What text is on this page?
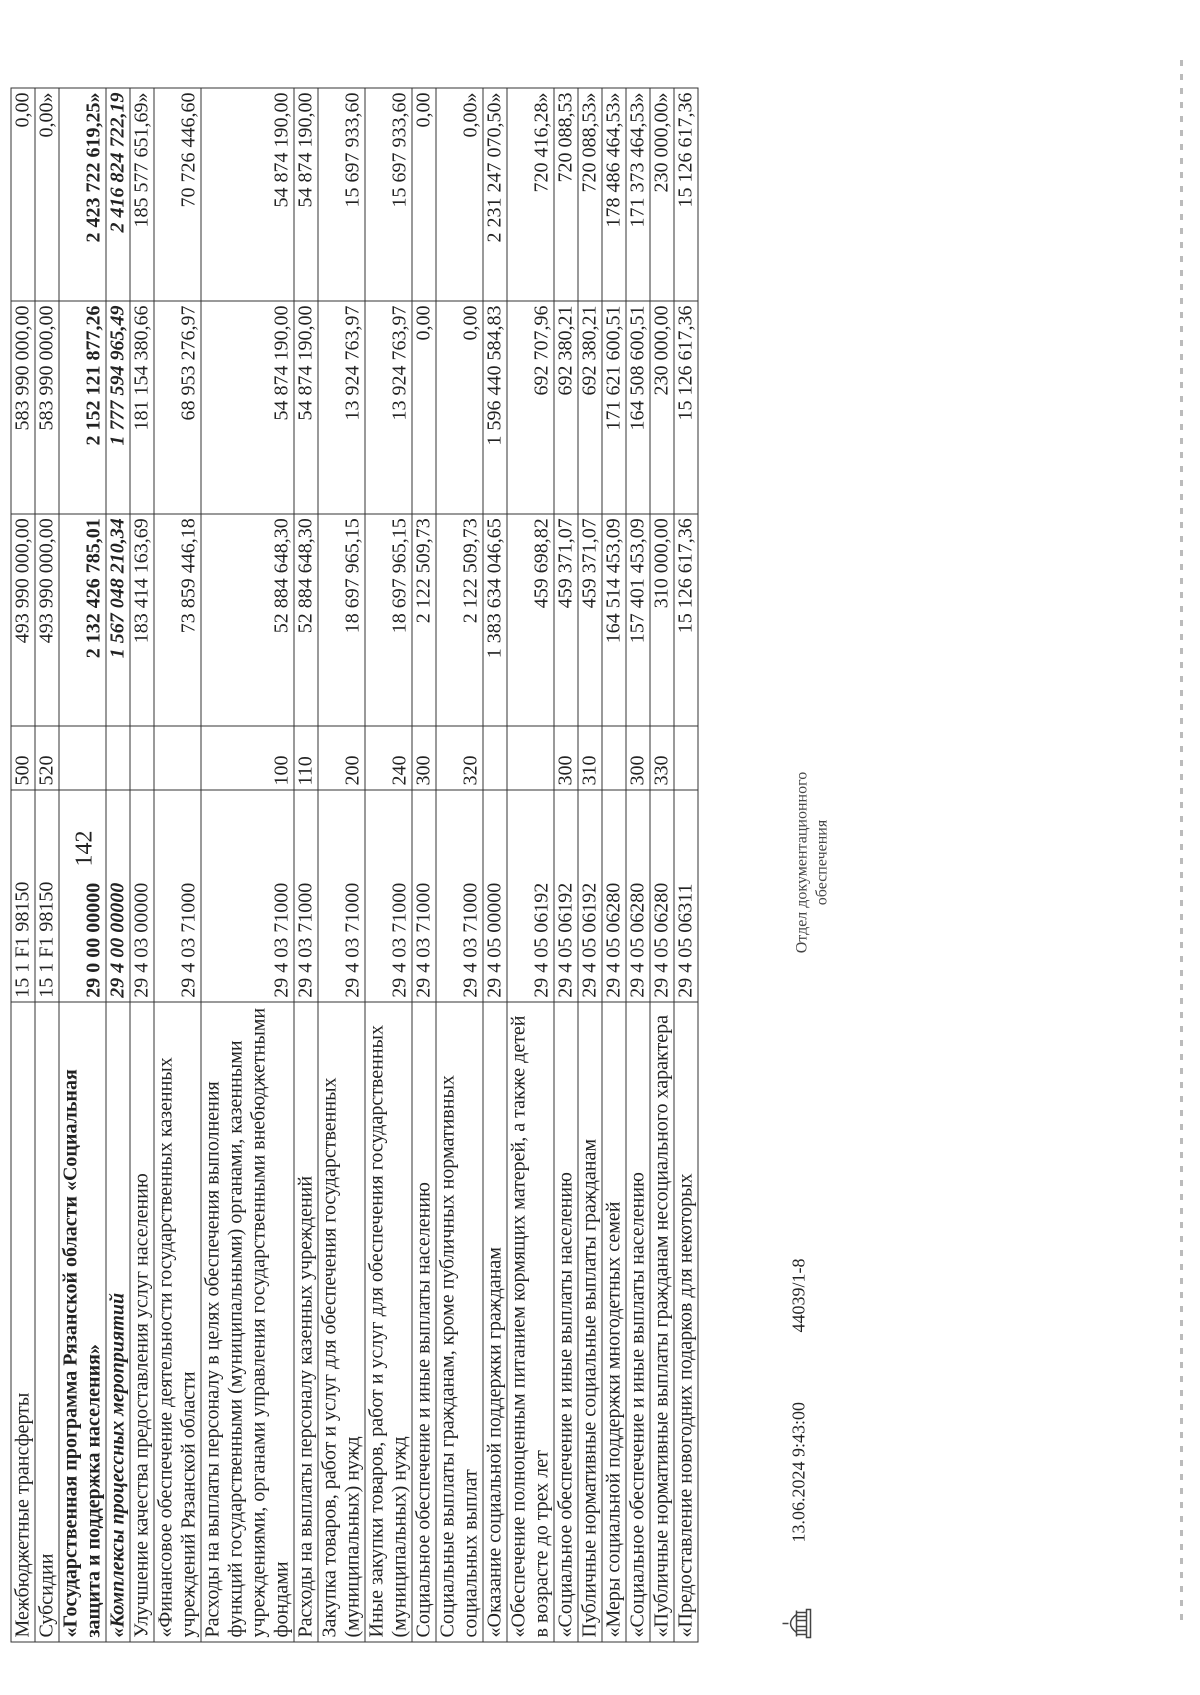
142
Межбюджетные трансферты	15 1 F1 98150	500	493 990 000,00	583 990 000,00	0,00
Субсидии	15 1 F1 98150	520	493 990 000,00	583 990 000,00	0,00»
«Государственная программа Рязанской области «Социальная защита и поддержка населения»	29 0 00 00000		2 132 426 785,01	2 152 121 877,26	2 423 722 619,25»
«Комплексы процессных мероприятий	29 4 00 00000		1 567 048 210,34	1 777 594 965,49	2 416 824 722,19
Улучшение качества предоставления услуг населению	29 4 03 00000		183 414 163,69	181 154 380,66	185 577 651,69»
«Финансовое обеспечение деятельности государственных казенных учреждений Рязанской области	29 4 03 71000		73 859 446,18	68 953 276,97	70 726 446,60
Расходы на выплаты персоналу в целях обеспечения выполнения функций государственными (муниципальными) органами, казенными учреждениями, органами управления государственными внебюджетными фондами	29 4 03 71000	100	52 884 648,30	54 874 190,00	54 874 190,00
Расходы на выплаты персоналу казенных учреждений	29 4 03 71000	110	52 884 648,30	54 874 190,00	54 874 190,00
Закупка товаров, работ и услуг для обеспечения государственных (муниципальных) нужд	29 4 03 71000	200	18 697 965,15	13 924 763,97	15 697 933,60
Иные закупки товаров, работ и услуг для обеспечения государственных (муниципальных) нужд	29 4 03 71000	240	18 697 965,15	13 924 763,97	15 697 933,60
Социальное обеспечение и иные выплаты населению	29 4 03 71000	300	2 122 509,73	0,00	0,00
Социальные выплаты гражданам, кроме публичных нормативных социальных выплат	29 4 03 71000	320	2 122 509,73	0,00	0,00»
«Оказание социальной поддержки гражданам	29 4 05 00000		1 383 634 046,65	1 596 440 584,83	2 231 247 070,50»
«Обеспечение полноценным питанием кормящих матерей, а также детей в возрасте до трех лет	29 4 05 06192		459 698,82	692 707,96	720 416,28»
«Социальное обеспечение и иные выплаты населению	29 4 05 06192	300	459 371,07	692 380,21	720 088,53
Публичные нормативные социальные выплаты гражданам	29 4 05 06192	310	459 371,07	692 380,21	720 088,53»
«Меры социальной поддержки многодетных семей	29 4 05 06280		164 514 453,09	171 621 600,51	178 486 464,53»
«Социальное обеспечение и иные выплаты населению	29 4 05 06280	300	157 401 453,09	164 508 600,51	171 373 464,53»
«Публичные нормативные выплаты гражданам несоциального характера	29 4 05 06280	330	310 000,00	230 000,00	230 000,00»
«Предоставление новогодних подарков для некоторых	29 4 05 06311		15 126 617,36	15 126 617,36	15 126 617,36
13.06.2024 9:43:00
44039/1-8
Отдел документационного обеспечения
